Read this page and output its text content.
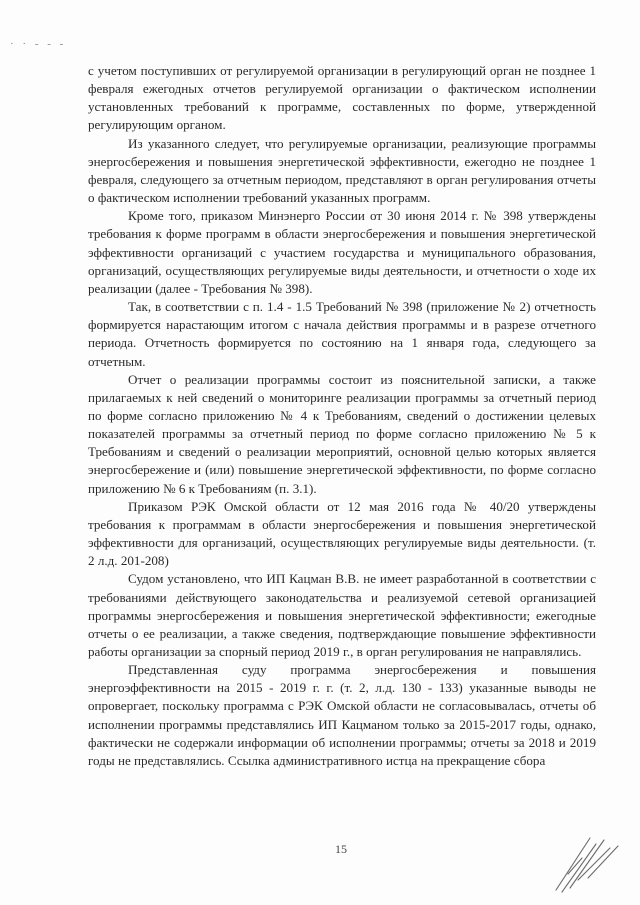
· · - - -

с учетом поступивших от регулируемой организации в регулирующий орган не позднее 1 февраля ежегодных отчетов регулируемой организации о фактическом исполнении установленных требований к программе, составленных по форме, утвержденной регулирующим органом.

Из указанного следует, что регулируемые организации, реализующие программы энергосбережения и повышения энергетической эффективности, ежегодно не позднее 1 февраля, следующего за отчетным периодом, представляют в орган регулирования отчеты о фактическом исполнении требований указанных программ.

Кроме того, приказом Минэнерго России от 30 июня 2014 г. № 398 утверждены требования к форме программ в области энергосбережения и повышения энергетической эффективности организаций с участием государства и муниципального образования, организаций, осуществляющих регулируемые виды деятельности, и отчетности о ходе их реализации (далее - Требования № 398).

Так, в соответствии с п. 1.4 - 1.5 Требований № 398 (приложение № 2) отчетность формируется нарастающим итогом с начала действия программы и в разрезе отчетного периода. Отчетность формируется по состоянию на 1 января года, следующего за отчетным.

Отчет о реализации программы состоит из пояснительной записки, а также прилагаемых к ней сведений о мониторинге реализации программы за отчетный период по форме согласно приложению № 4 к Требованиям, сведений о достижении целевых показателей программы за отчетный период по форме согласно приложению № 5 к Требованиям и сведений о реализации мероприятий, основной целью которых является энергосбережение и (или) повышение энергетической эффективности, по форме согласно приложению № 6 к Требованиям (п. 3.1).

Приказом РЭК Омской области от 12 мая 2016 года № 40/20 утверждены требования к программам в области энергосбережения и повышения энергетической эффективности для организаций, осуществляющих регулируемые виды деятельности. (т. 2 л.д. 201-208)

Судом установлено, что ИП Кацман В.В. не имеет разработанной в соответствии с требованиями действующего законодательства и реализуемой сетевой организацией программы энергосбережения и повышения энергетической эффективности; ежегодные отчеты о ее реализации, а также сведения, подтверждающие повышение эффективности работы организации за спорный период 2019 г., в орган регулирования не направлялись.

Представленная суду программа энергосбережения и повышения энергоэффективности на 2015 - 2019 г. г. (т. 2, л.д. 130 - 133) указанные выводы не опровергает, поскольку программа с РЭК Омской области не согласовывалась, отчеты об исполнении программы представлялись ИП Кацманом только за 2015-2017 годы, однако, фактически не содержали информации об исполнении программы; отчеты за 2018 и 2019 годы не представлялись. Ссылка административного истца на прекращение сбора

15
